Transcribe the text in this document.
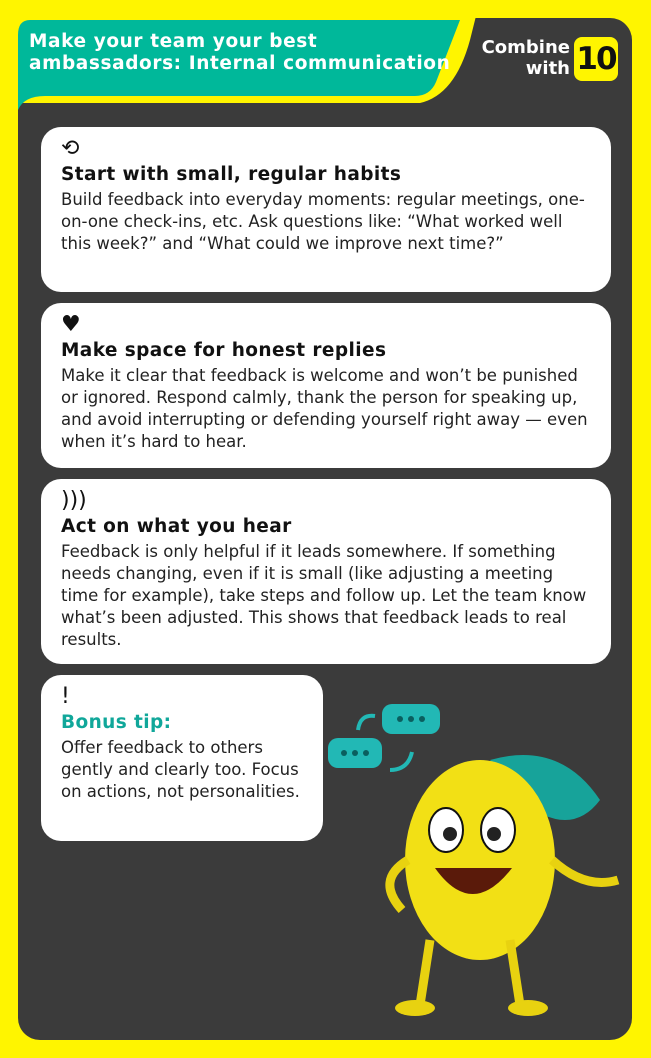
Make your team your best
ambassadors: Internal communication
Combine
with 10
⟲
Start with small, regular habits

Build feedback into everyday moments: regular meetings, one-on-one check-ins, etc. Ask questions like: “What worked well this week?” and “What could we improve next time?”

♥
Make space for honest replies

Make it clear that feedback is welcome and won’t be punished or ignored. Respond calmly, thank the person for speaking up, and avoid interrupting or defending yourself right away — even when it’s hard to hear.

)))
Act on what you hear

Feedback is only helpful if it leads somewhere. If something needs changing, even if it is small (like adjusting a meeting time for example), take steps and follow up. Let the team know what’s been adjusted. This shows that feedback leads to real results.

!
Bonus tip:

Offer feedback to others gently and clearly too. Focus on actions, not personalities.
